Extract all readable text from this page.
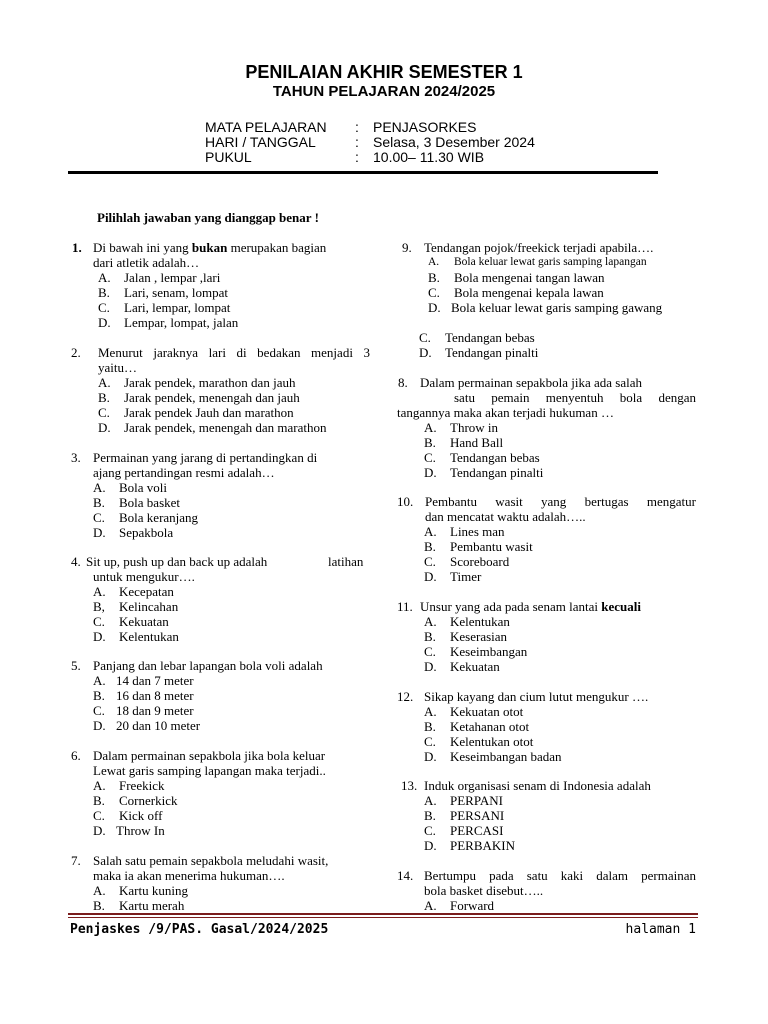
PENILAIAN AKHIR SEMESTER 1
TAHUN PELAJARAN 2024/2025
MATA PELAJARAN : PENJASORKES
HARI / TANGGAL	: Selasa, 3 Desember 2024
PUKUL	: 10.00– 11.30 WIB
Pilihlah jawaban yang dianggap benar !
1. Di bawah ini yang bukan merupakan bagian
dari atletik adalah…
A. Jalan , lempar ,lari
B. Lari, senam, lompat
C. Lari, lempar, lompat
D. Lempar, lompat, jalan
2. Menurut jaraknya lari di bedakan menjadi 3
yaitu…
A. Jarak pendek, marathon dan jauh
B. Jarak pendek, menengah dan jauh
C. Jarak pendek Jauh dan marathon
D. Jarak pendek, menengah dan marathon
3. Permainan yang jarang di pertandingkan di
ajang pertandingan resmi adalah…
A. Bola voli
B. Bola basket
C. Bola keranjang
D. Sepakbola
4. Sit up, push up dan back up adalah	latihan
untuk mengukur….
A. Kecepatan
B, Kelincahan
C. Kekuatan
D. Kelentukan
5. Panjang dan lebar lapangan bola voli adalah
A. 14 dan 7 meter
B. 16 dan 8 meter
C. 18 dan 9 meter
D. 20 dan 10 meter
6. Dalam permainan sepakbola jika bola keluar
Lewat garis samping lapangan maka terjadi..
A. Freekick
B. Cornerkick
C. Kick off
D. Throw In
7. Salah satu pemain sepakbola meludahi wasit,
maka ia akan menerima hukuman….
A. Kartu kuning
B. Kartu merah
9. Tendangan pojok/freekick terjadi apabila….
A. Bola keluar lewat garis samping lapangan
B. Bola mengenai tangan lawan
C. Bola mengenai kepala lawan
D. Bola keluar lewat garis samping gawang
C. Tendangan bebas
D. Tendangan pinalti
8. Dalam permainan sepakbola jika ada salah
satu pemain menyentuh bola dengan
tangannya maka akan terjadi hukuman …
A. Throw in
B. Hand Ball
C. Tendangan bebas
D. Tendangan pinalti
10. Pembantu wasit yang bertugas mengatur
dan mencatat waktu adalah…..
A. Lines man
B. Pembantu wasit
C. Scoreboard
D. Timer
11. Unsur yang ada pada senam lantai kecuali
A. Kelentukan
B. Keserasian
C. Keseimbangan
D. Kekuatan
12. Sikap kayang dan cium lutut mengukur ….
A. Kekuatan otot
B. Ketahanan otot
C. Kelentukan otot
D. Keseimbangan badan
13. Induk organisasi senam di Indonesia adalah
A. PERPANI
B. PERSANI
C. PERCASI
D. PERBAKIN
14. Bertumpu pada satu kaki dalam permainan
bola basket disebut…..
A. Forward
Penjaskes /9/PAS. Gasal/2024/2025	halaman 1
